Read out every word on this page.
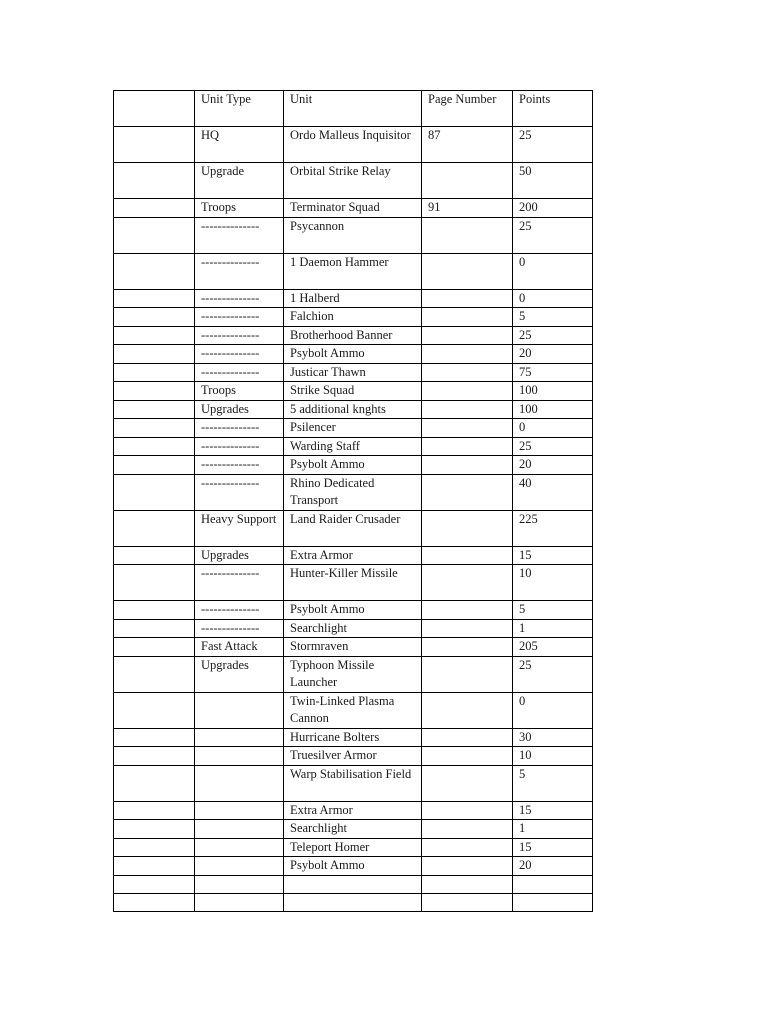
	Unit Type	Unit	Page Number	Points
	HQ	Ordo Malleus Inquisitor	87	25
	Upgrade	Orbital Strike Relay		50
	Troops	Terminator Squad	91	200
	--------------	Psycannon		25
	--------------	1 Daemon Hammer		0
	--------------	1 Halberd		0
	--------------	Falchion		5
	--------------	Brotherhood Banner		25
	--------------	Psybolt Ammo		20
	--------------	Justicar Thawn		75
	Troops	Strike Squad		100
	Upgrades	5 additional knghts		100
	--------------	Psilencer		0
	--------------	Warding Staff		25
	--------------	Psybolt Ammo		20
	--------------	Rhino Dedicated Transport		40
	Heavy Support	Land Raider Crusader		225
	Upgrades	Extra Armor		15
	--------------	Hunter-Killer Missile		10
	--------------	Psybolt Ammo		5
	--------------	Searchlight		1
	Fast Attack	Stormraven		205
	Upgrades	Typhoon Missile Launcher		25
		Twin-Linked Plasma Cannon		0
		Hurricane Bolters		30
		Truesilver Armor		10
		Warp Stabilisation Field		5
		Extra Armor		15
		Searchlight		1
		Teleport Homer		15
		Psybolt Ammo		20
